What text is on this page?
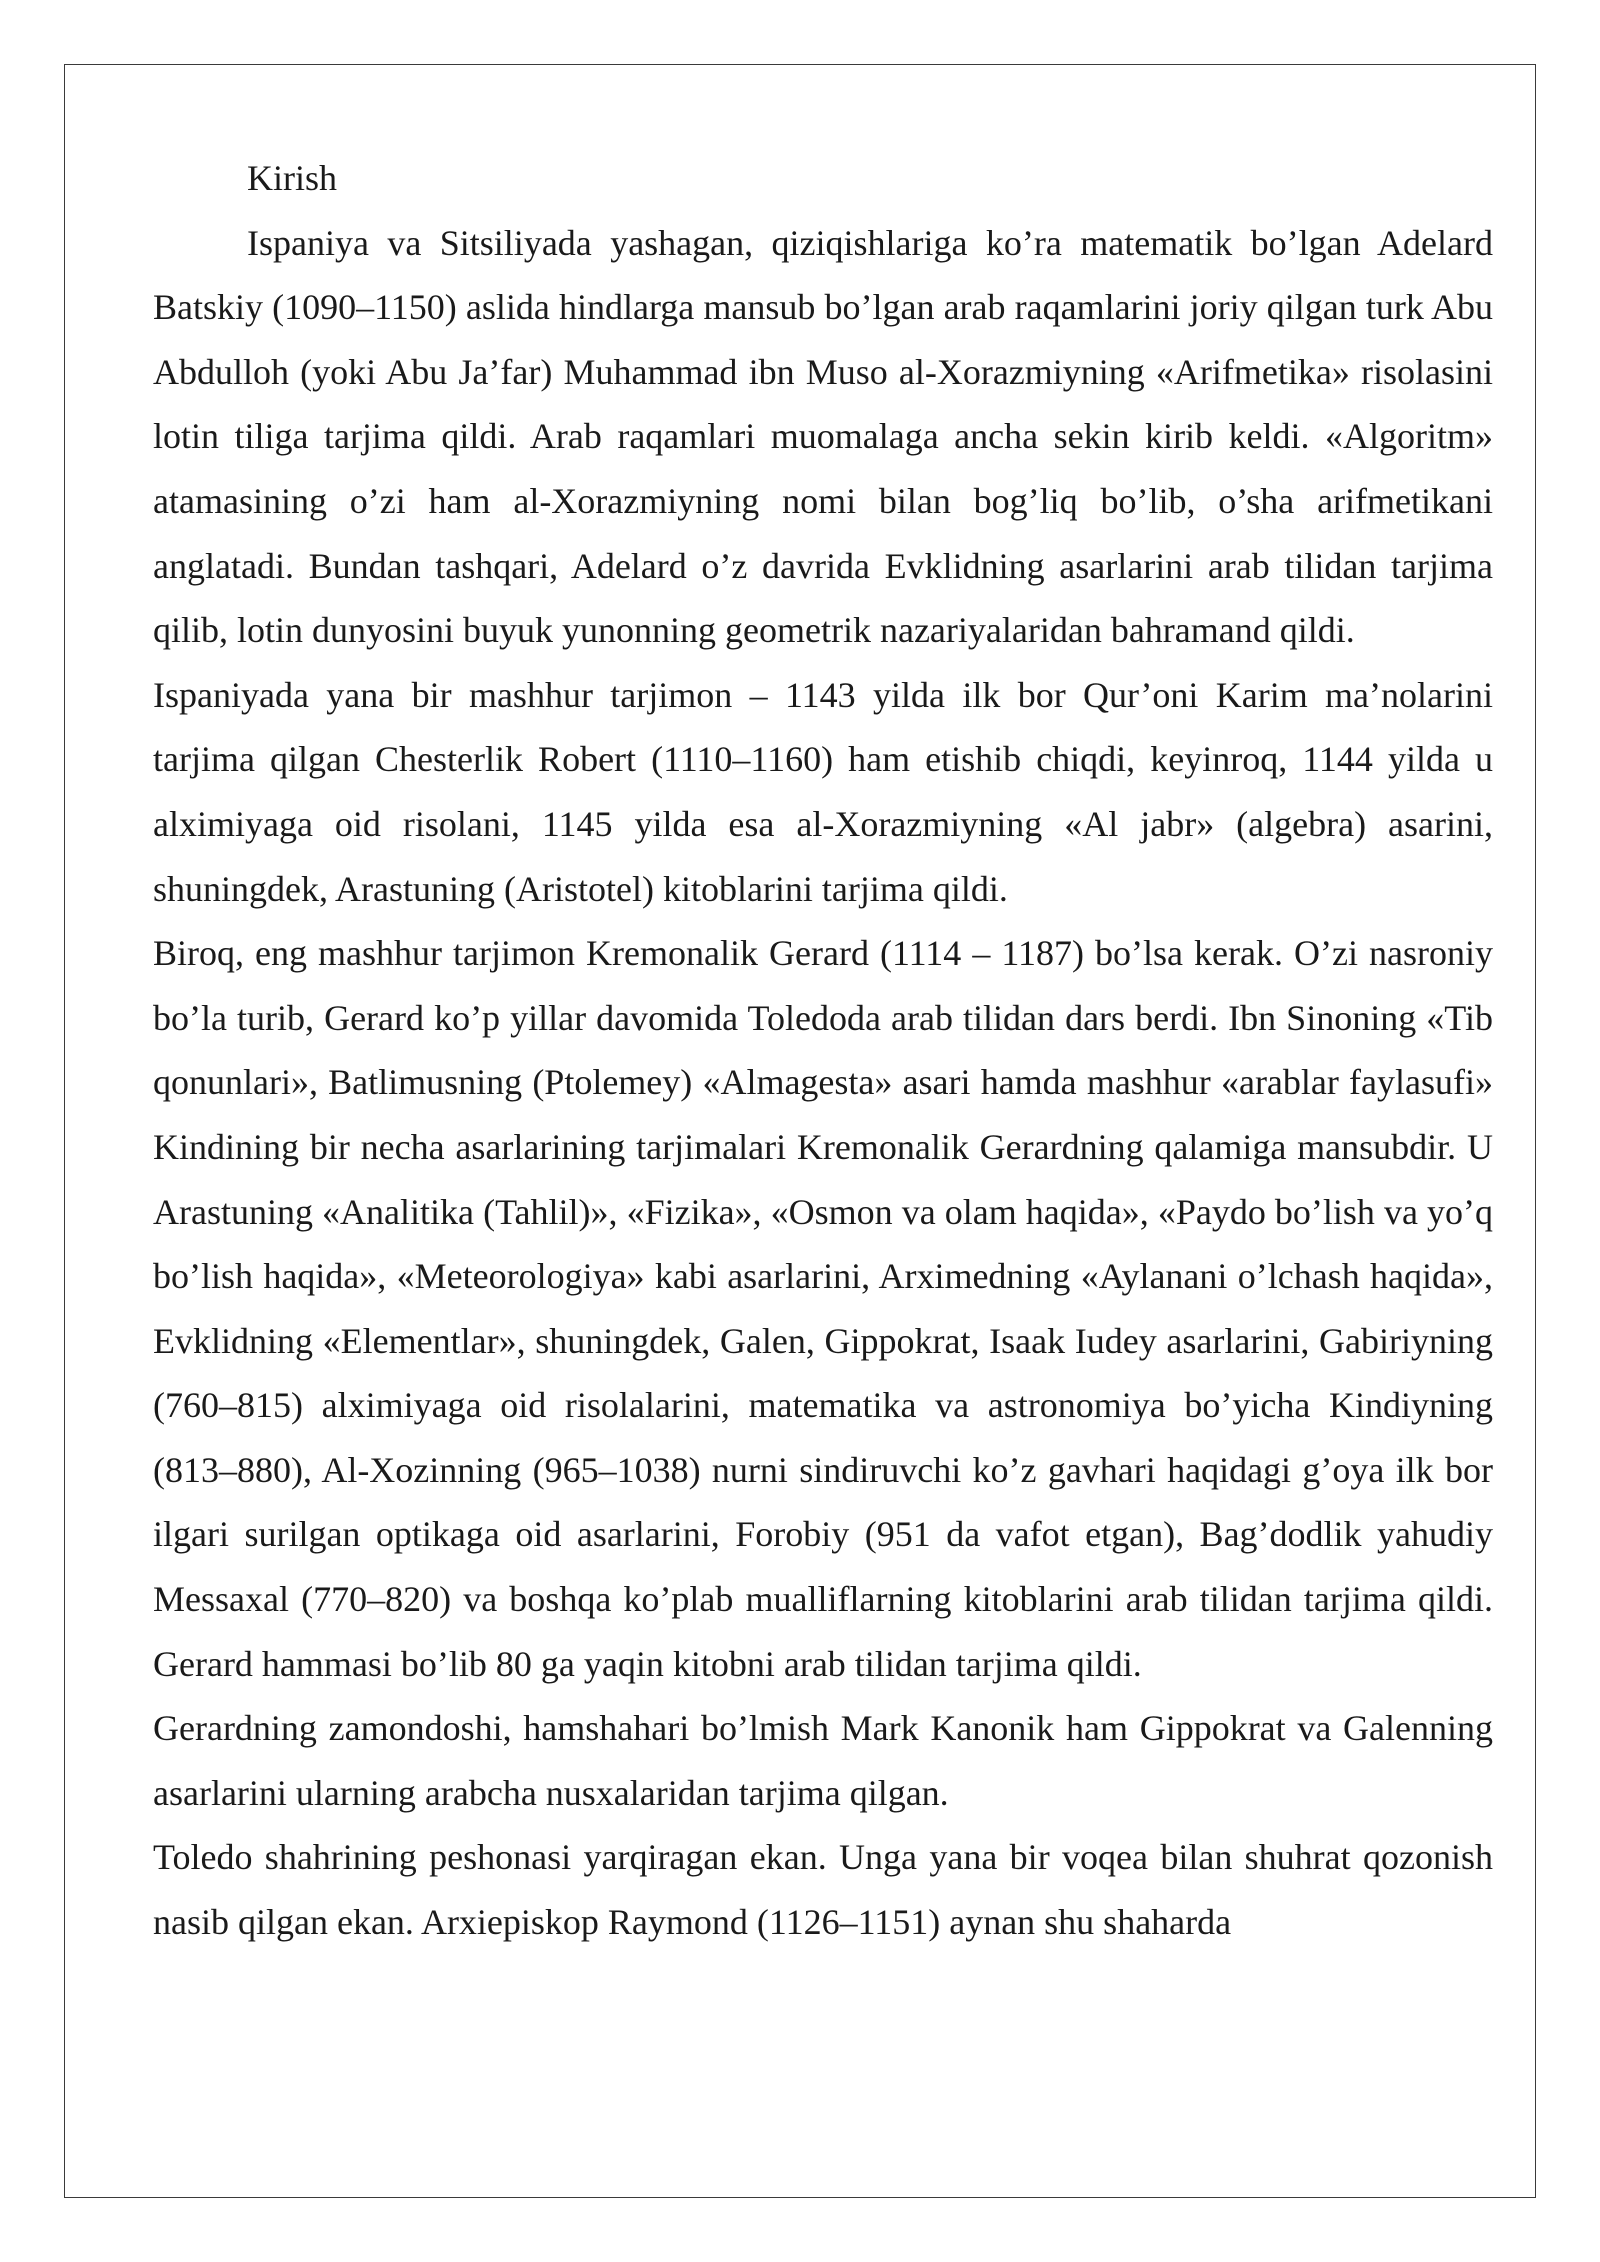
Kirish

Ispaniya va Sitsiliyada yashagan, qiziqishlariga ko’ra matematik bo’lgan Adelard Batskiy (1090–1150) aslida hindlarga mansub bo’lgan arab raqamlarini joriy qilgan turk Abu Abdulloh (yoki Abu Ja’far) Muhammad ibn Muso al-Xorazmiyning «Arifmetika» risolasini lotin tiliga tarjima qildi. Arab raqamlari muomalaga ancha sekin kirib keldi. «Algoritm» atamasining o’zi ham al-Xorazmiyning nomi bilan bog’liq bo’lib, o’sha arifmetikani anglatadi. Bundan tashqari, Adelard o’z davrida Evklidning asarlarini arab tilidan tarjima qilib, lotin dunyosini buyuk yunonning geometrik nazariyalaridan bahramand qildi.

Ispaniyada yana bir mashhur tarjimon – 1143 yilda ilk bor Qur’oni Karim ma’nolarini tarjima qilgan Chesterlik Robert (1110–1160) ham etishib chiqdi, keyinroq, 1144 yilda u alximiyaga oid risolani, 1145 yilda esa al-Xorazmiyning «Al jabr» (algebra) asarini, shuningdek, Arastuning (Aristotel) kitoblarini tarjima qildi.

Biroq, eng mashhur tarjimon Kremonalik Gerard (1114 – 1187) bo’lsa kerak. O’zi nasroniy bo’la turib, Gerard ko’p yillar davomida Toledoda arab tilidan dars berdi. Ibn Sinoning «Tib qonunlari», Batlimusning (Ptolemey) «Almagesta» asari hamda mashhur «arablar faylasufi» Kindining bir necha asarlarining tarjimalari Kremonalik Gerardning qalamiga mansubdir. U Arastuning «Analitika (Tahlil)», «Fizika», «Osmon va olam haqida», «Paydo bo’lish va yo’q bo’lish haqida», «Meteorologiya» kabi asarlarini, Arximedning «Aylanani o’lchash haqida», Evklidning «Elementlar», shuningdek, Galen, Gippokrat, Isaak Iudey asarlarini, Gabiriyning (760–815) alximiyaga oid risolalarini, matematika va astronomiya bo’yicha Kindiyning (813–880), Al-Xozinning (965–1038) nurni sindiruvchi ko’z gavhari haqidagi g’oya ilk bor ilgari surilgan optikaga oid asarlarini, Forobiy (951 da vafot etgan), Bag’dodlik yahudiy Messaxal (770–820) va boshqa ko’plab mualliflarning kitoblarini arab tilidan tarjima qildi. Gerard hammasi bo’lib 80 ga yaqin kitobni arab tilidan tarjima qildi.

Gerardning zamondoshi, hamshahari bo’lmish Mark Kanonik ham Gippokrat va Galenning asarlarini ularning arabcha nusxalaridan tarjima qilgan.

Toledo shahrining peshonasi yarqiragan ekan. Unga yana bir voqea bilan shuhrat qozonish nasib qilgan ekan. Arxiepiskop Raymond (1126–1151) aynan shu shaharda
